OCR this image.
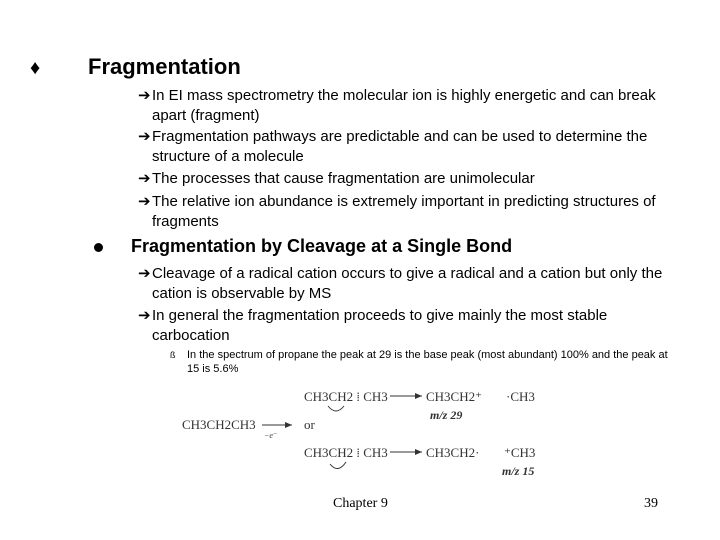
♦ Fragmentation
➔ In EI mass spectrometry the molecular ion is highly energetic and can break apart (fragment)
➔ Fragmentation pathways are predictable and can be used to determine the structure of a molecule
➔ The processes that cause fragmentation are unimolecular
➔ The relative ion abundance is extremely important in predicting structures of fragments
Fragmentation by Cleavage at a Single Bond
➔ Cleavage of a radical cation occurs to give a radical and a cation but only the cation is observable by MS
➔ In general the fragmentation proceeds to give mainly the most stable carbocation
ß	In the spectrum of propane the peak at 29 is the base peak (most abundant) 100% and the peak at 15 is 5.6%
CH3CH2CH3
−e⁻
CH3CH2 ⁞ CH3	CH3CH2⁺ ·CH3
m/z 29
or
CH3CH2 ⁞ CH3	CH3CH2· ⁺CH3
m/z 15
Chapter 9	39
